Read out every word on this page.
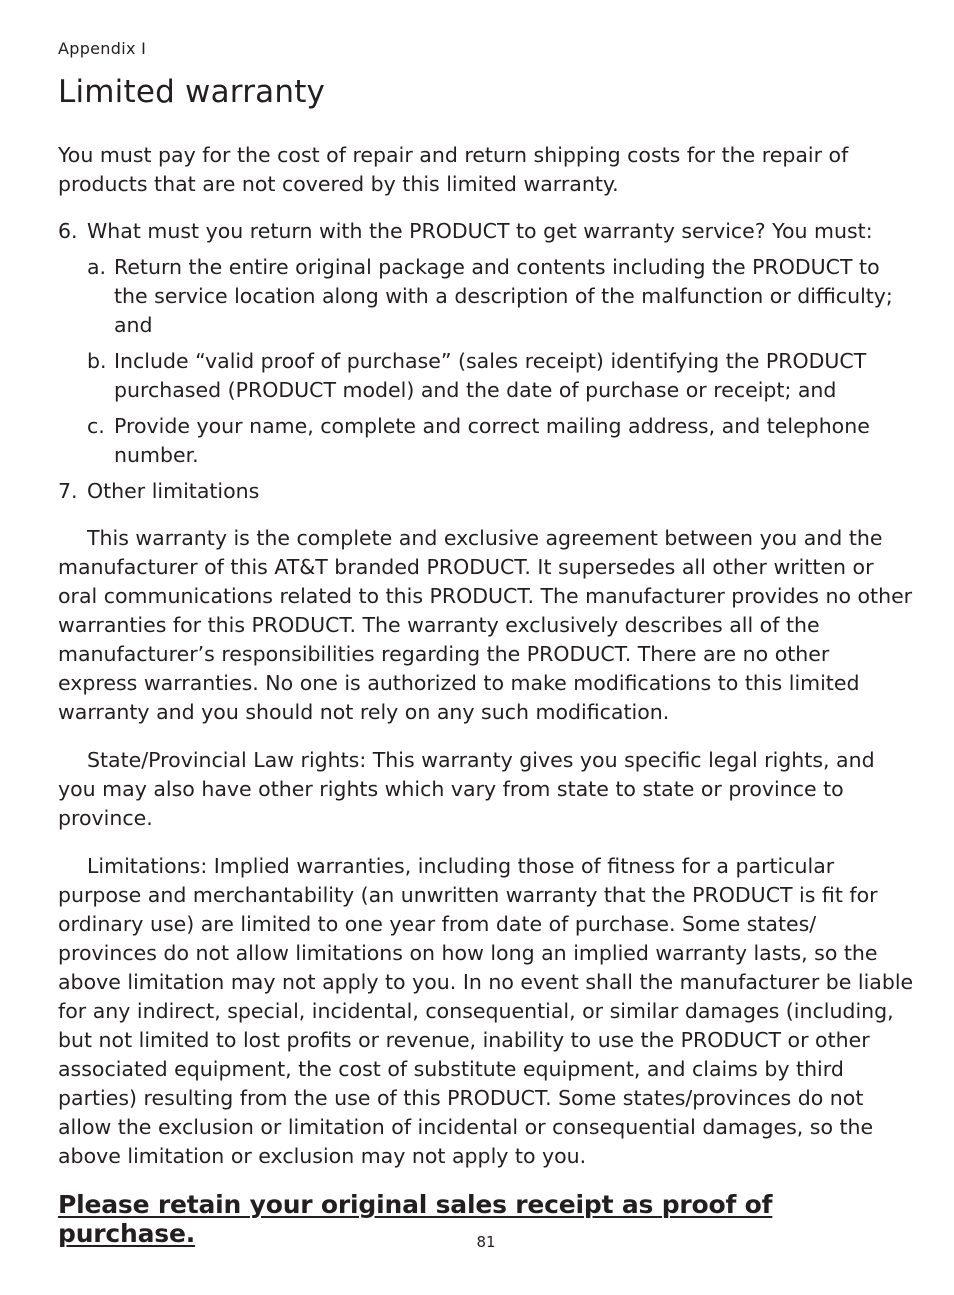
Appendix I

Limited warranty

You must pay for the cost of repair and return shipping costs for the repair of products that are not covered by this limited warranty.

6. What must you return with the PRODUCT to get warranty service? You must:
a. Return the entire original package and contents including the PRODUCT to the service location along with a description of the malfunction or difficulty; and
b. Include “valid proof of purchase” (sales receipt) identifying the PRODUCT purchased (PRODUCT model) and the date of purchase or receipt; and
c. Provide your name, complete and correct mailing address, and telephone number.
7. Other limitations

This warranty is the complete and exclusive agreement between you and the manufacturer of this AT&T branded PRODUCT. It supersedes all other written or oral communications related to this PRODUCT. The manufacturer provides no other warranties for this PRODUCT. The warranty exclusively describes all of the manufacturer’s responsibilities regarding the PRODUCT. There are no other express warranties. No one is authorized to make modifications to this limited warranty and you should not rely on any such modification.

State/Provincial Law rights: This warranty gives you specific legal rights, and you may also have other rights which vary from state to state or province to province.

Limitations: Implied warranties, including those of fitness for a particular purpose and merchantability (an unwritten warranty that the PRODUCT is fit for ordinary use) are limited to one year from date of purchase. Some states/ provinces do not allow limitations on how long an implied warranty lasts, so the above limitation may not apply to you. In no event shall the manufacturer be liable for any indirect, special, incidental, consequential, or similar damages (including, but not limited to lost profits or revenue, inability to use the PRODUCT or other associated equipment, the cost of substitute equipment, and claims by third parties) resulting from the use of this PRODUCT. Some states/provinces do not allow the exclusion or limitation of incidental or consequential damages, so the above limitation or exclusion may not apply to you.

Please retain your original sales receipt as proof of purchase.	81
